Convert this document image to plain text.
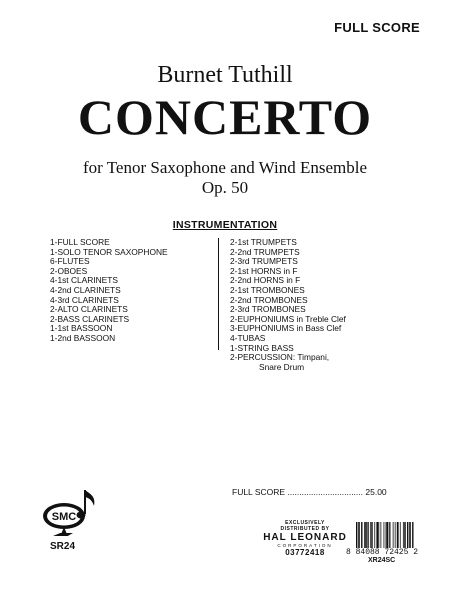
FULL SCORE
Burnet Tuthill
CONCERTO
for Tenor Saxophone and Wind Ensemble
Op. 50
INSTRUMENTATION
1-FULL SCORE
1-SOLO TENOR SAXOPHONE
6-FLUTES
2-OBOES
4-1st CLARINETS
4-2nd CLARINETS
4-3rd CLARINETS
2-ALTO CLARINETS
2-BASS CLARINETS
1-1st BASSOON
1-2nd BASSOON
2-1st TRUMPETS
2-2nd TRUMPETS
2-3rd TRUMPETS
2-1st HORNS in F
2-2nd HORNS in F
2-1st TROMBONES
2-2nd TROMBONES
2-3rd TROMBONES
2-EUPHONIUMS in Treble Clef
3-EUPHONIUMS in Bass Clef
4-TUBAS
1-STRING BASS
2-PERCUSSION: Timpani,
Snare Drum
FULL SCORE ................................ 25.00
SMC
SR24
EXCLUSIVELY
DISTRIBUTED BY
HAL LEONARD
CORPORATION
03772418	8 84088 72425 2
XR24SC
